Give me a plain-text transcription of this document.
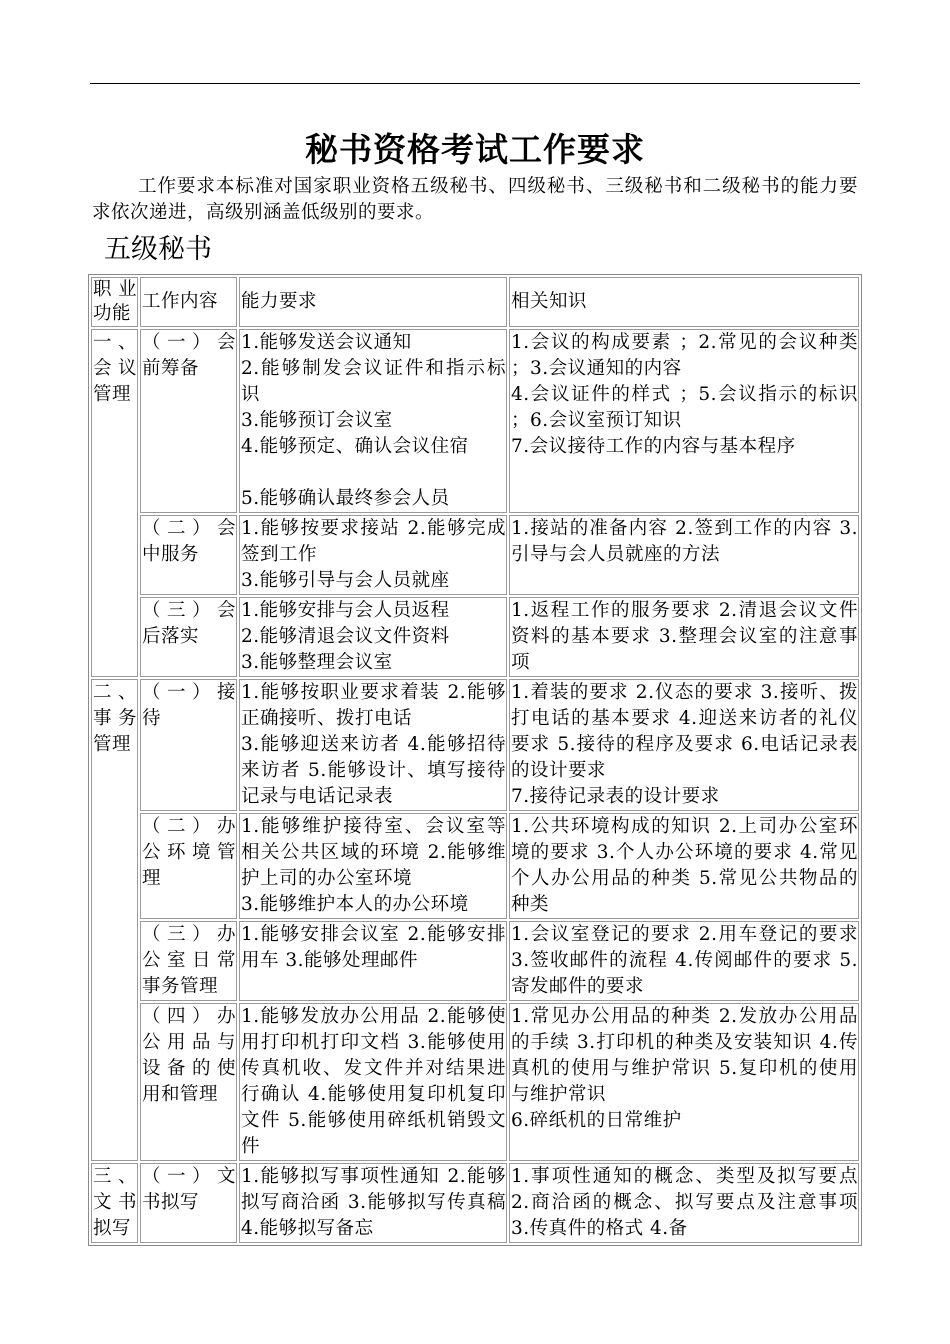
秘书资格考试工作要求

工作要求本标准对国家职业资格五级秘书、四级秘书、三级秘书和二级秘书的能力要求依次递进，高级别涵盖低级别的要求。

五级秘书
职业功能	工作内容	能力要求	相关知识
一、会议管理	（一）会前筹备	1.能够发送会议通知
2.能够制发会议证件和指示标识
3.能够预订会议室
4.能够预定、确认会议住宿

5.能够确认最终参会人员	1.会议的构成要素 ；2.常见的会议种类 ；3.会议通知的内容
4.会议证件的样式 ；5.会议指示的标识 ；6.会议室预订知识
7.会议接待工作的内容与基本程序
	（二）会中服务	1.能够按要求接站 2.能够完成签到工作
3.能够引导与会人员就座	1.接站的准备内容 2.签到工作的内容 3.引导与会人员就座的方法
	（三）会后落实	1.能够安排与会人员返程
2.能够清退会议文件资料
3.能够整理会议室	1.返程工作的服务要求 2.清退会议文件资料的基本要求 3.整理会议室的注意事项
二、事务管理	（一）接待	1.能够按职业要求着装 2.能够正确接听、拨打电话
3.能够迎送来访者 4.能够招待来访者 5.能够设计、填写接待记录与电话记录表	1.着装的要求 2.仪态的要求 3.接听、拨打电话的基本要求 4.迎送来访者的礼仪要求 5.接待的程序及要求 6.电话记录表的设计要求
7.接待记录表的设计要求
	（二）办公环境管理	1.能够维护接待室、会议室等相关公共区域的环境 2.能够维护上司的办公室环境
3.能够维护本人的办公环境	1.公共环境构成的知识 2.上司办公室环境的要求 3.个人办公环境的要求 4.常见个人办公用品的种类 5.常见公共物品的种类
	（三）办公室日常事务管理	1.能够安排会议室 2.能够安排用车 3.能够处理邮件	1.会议室登记的要求 2.用车登记的要求 3.签收邮件的流程 4.传阅邮件的要求 5.寄发邮件的要求
	（四）办公用品与设备的使用和管理	1.能够发放办公用品 2.能够使用打印机打印文档 3.能够使用传真机收、发文件并对结果进行确认 4.能够使用复印机复印文件 5.能够使用碎纸机销毁文件	1.常见办公用品的种类 2.发放办公用品的手续 3.打印机的种类及安装知识 4.传真机的使用与维护常识 5.复印机的使用与维护常识
6.碎纸机的日常维护
三、文书拟写	（一）文书拟写	1.能够拟写事项性通知 2.能够拟写商洽函 3.能够拟写传真稿 4.能够拟写备忘	1.事项性通知的概念、类型及拟写要点 2.商洽函的概念、拟写要点及注意事项 3.传真件的格式 4.备
